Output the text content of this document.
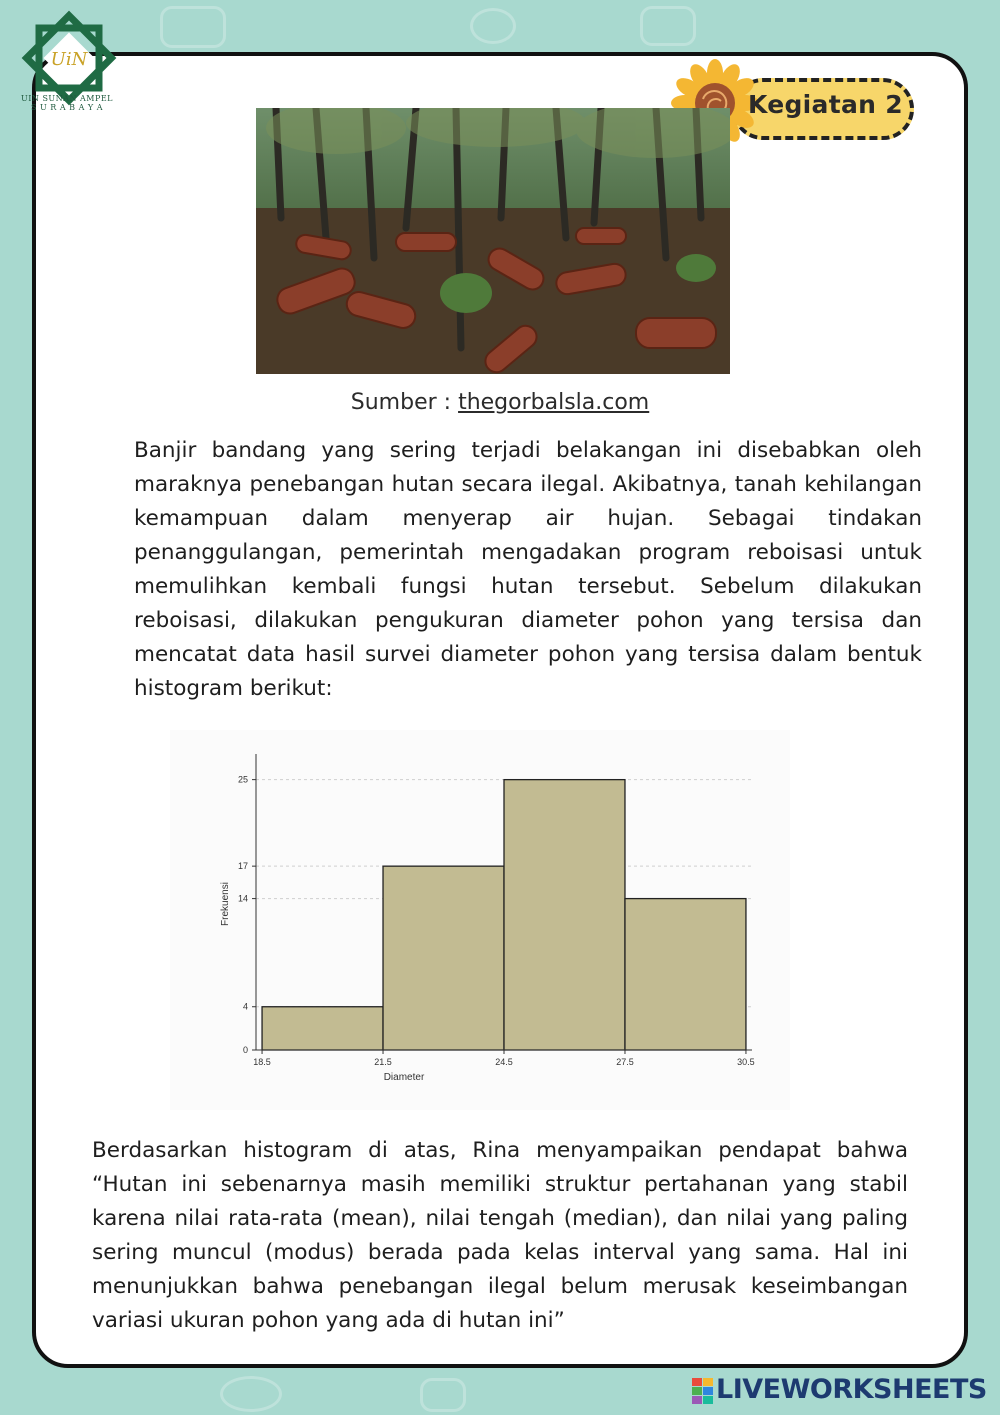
UiN
UIN SUNAN AMPEL
S U R A B A Y A	Kegiatan 2
Sumber : thegorbalsla.com

Banjir bandang yang sering terjadi belakangan ini disebabkan oleh maraknya penebangan hutan secara ilegal. Akibatnya, tanah kehilangan kemampuan dalam menyerap air hujan. Sebagai tindakan penanggulangan, pemerintah mengadakan program reboisasi untuk memulihkan kembali fungsi hutan tersebut. Sebelum dilakukan reboisasi, dilakukan pengukuran diameter pohon yang tersisa dan mencatat data hasil survei diameter pohon yang tersisa dalam bentuk histogram berikut:

0
4
14
17
25
18.5	21.5	24.5	27.5	30.5
Diameter
Frekuensi

Berdasarkan histogram di atas, Rina menyampaikan pendapat bahwa “Hutan ini sebenarnya masih memiliki struktur pertahanan yang stabil karena nilai rata-rata (mean), nilai tengah (median), dan nilai yang paling sering muncul (modus) berada pada kelas interval yang sama. Hal ini menunjukkan bahwa penebangan ilegal belum merusak keseimbangan variasi ukuran pohon yang ada di hutan ini”

LIVEWORKSHEETS
